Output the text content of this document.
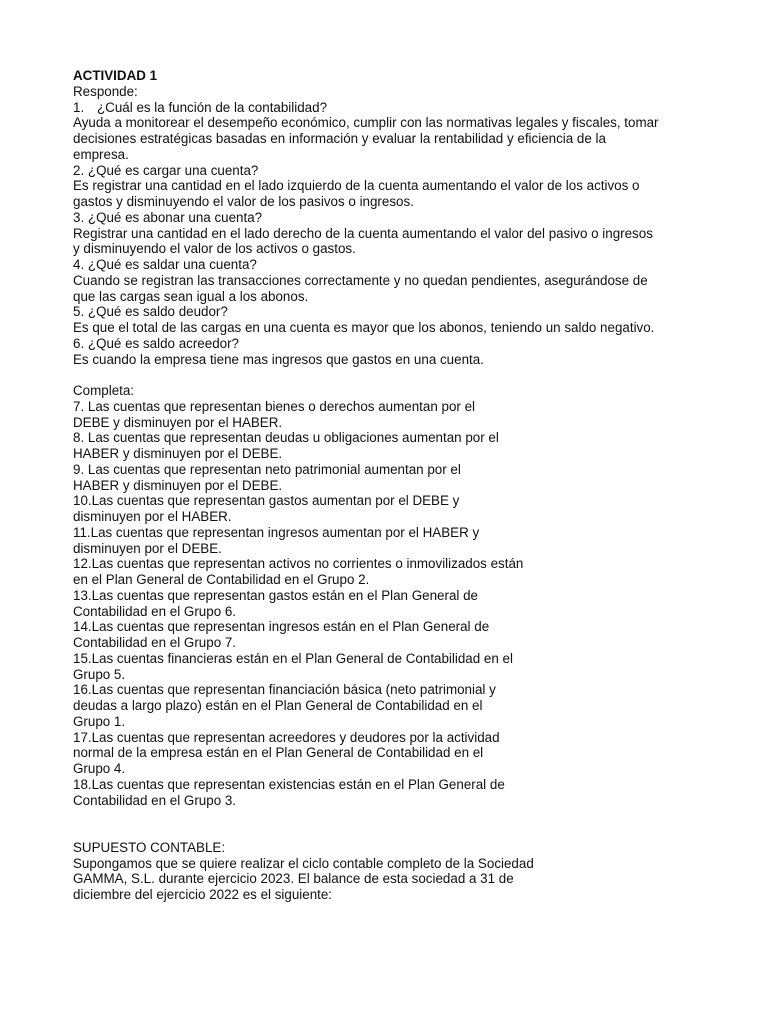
ACTIVIDAD 1
Responde:
1. ¿Cuál es la función de la contabilidad?
Ayuda a monitorear el desempeño económico, cumplir con las normativas legales y fiscales, tomar
decisiones estratégicas basadas en información y evaluar la rentabilidad y eficiencia de la
empresa.
2. ¿Qué es cargar una cuenta?
Es registrar una cantidad en el lado izquierdo de la cuenta aumentando el valor de los activos o
gastos y disminuyendo el valor de los pasivos o ingresos.
3. ¿Qué es abonar una cuenta?
Registrar una cantidad en el lado derecho de la cuenta aumentando el valor del pasivo o ingresos
y disminuyendo el valor de los activos o gastos.
4. ¿Qué es saldar una cuenta?
Cuando se registran las transacciones correctamente y no quedan pendientes, asegurándose de
que las cargas sean igual a los abonos.
5. ¿Qué es saldo deudor?
Es que el total de las cargas en una cuenta es mayor que los abonos, teniendo un saldo negativo.
6. ¿Qué es saldo acreedor?
Es cuando la empresa tiene mas ingresos que gastos en una cuenta.
Completa:
7. Las cuentas que representan bienes o derechos aumentan por el
DEBE y disminuyen por el HABER.
8. Las cuentas que representan deudas u obligaciones aumentan por el
HABER y disminuyen por el DEBE.
9. Las cuentas que representan neto patrimonial aumentan por el
HABER y disminuyen por el DEBE.
10.Las cuentas que representan gastos aumentan por el DEBE y
disminuyen por el HABER.
11.Las cuentas que representan ingresos aumentan por el HABER y
disminuyen por el DEBE.
12.Las cuentas que representan activos no corrientes o inmovilizados están
en el Plan General de Contabilidad en el Grupo 2.
13.Las cuentas que representan gastos están en el Plan General de
Contabilidad en el Grupo 6.
14.Las cuentas que representan ingresos están en el Plan General de
Contabilidad en el Grupo 7.
15.Las cuentas financieras están en el Plan General de Contabilidad en el
Grupo 5.
16.Las cuentas que representan financiación básica (neto patrimonial y
deudas a largo plazo) están en el Plan General de Contabilidad en el
Grupo 1.
17.Las cuentas que representan acreedores y deudores por la actividad
normal de la empresa están en el Plan General de Contabilidad en el
Grupo 4.
18.Las cuentas que representan existencias están en el Plan General de
Contabilidad en el Grupo 3.
SUPUESTO CONTABLE:
Supongamos que se quiere realizar el ciclo contable completo de la Sociedad
GAMMA, S.L. durante ejercicio 2023. El balance de esta sociedad a 31 de
diciembre del ejercicio 2022 es el siguiente:
